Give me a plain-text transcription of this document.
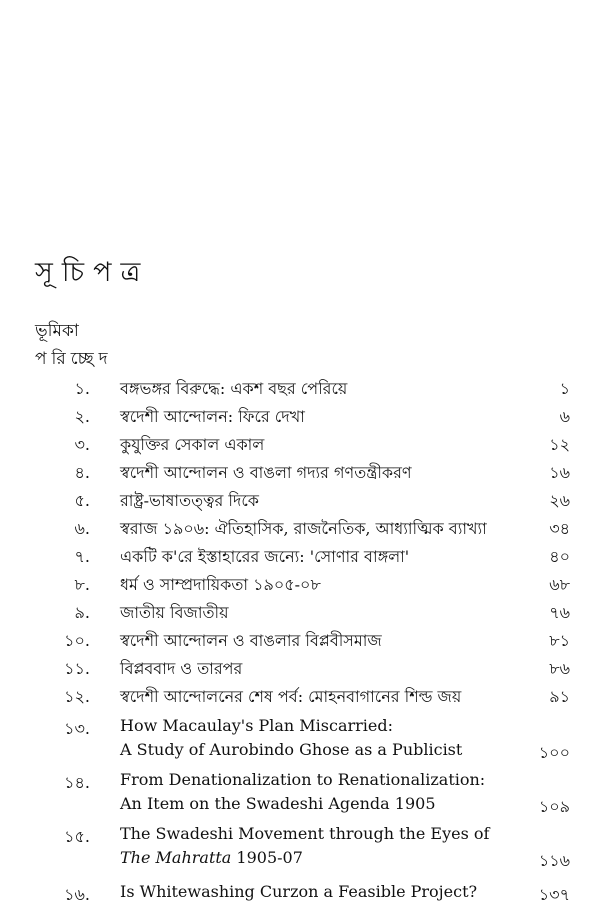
সূচিপত্র
ভূমিকা
পরিচ্ছেদ
১. বঙ্গভঙ্গর বিরুদ্ধে: একশ বছর পেরিয়ে	১
২. স্বদেশী আন্দোলন: ফিরে দেখা	৬
৩. কুযুক্তির সেকাল একাল	১২
৪. স্বদেশী আন্দোলন ও বাঙলা গদ্যর গণতন্ত্রীকরণ	১৬
৫. রাষ্ট্র-ভাষাতত্ত্বর দিকে	২৬
৬. স্বরাজ ১৯০৬: ঐতিহাসিক, রাজনৈতিক, আধ্যাত্মিক ব্যাখ্যা	৩৪
৭. একটি ক'রে ইস্তাহারের জন্যে: 'সোণার বাঙ্গলা'	৪০
৮. ধর্ম ও সাম্প্রদায়িকতা ১৯০৫-০৮	৬৮
৯. জাতীয় বিজাতীয়	৭৬
১০. স্বদেশী আন্দোলন ও বাঙলার বিপ্লবীসমাজ	৮১
১১. বিপ্লববাদ ও তারপর	৮৬
১২. স্বদেশী আন্দোলনের শেষ পর্ব: মোহনবাগানের শিল্ড জয়	৯১
১৩. How Macaulay's Plan Miscarried:
A Study of Aurobindo Ghose as a Publicist	১০০
১৪. From Denationalization to Renationalization:
An Item on the Swadeshi Agenda 1905	১০৯
১৫. The Swadeshi Movement through the Eyes of
The Mahratta 1905-07	১১৬
১৬. Is Whitewashing Curzon a Feasible Project?	১৩৭
